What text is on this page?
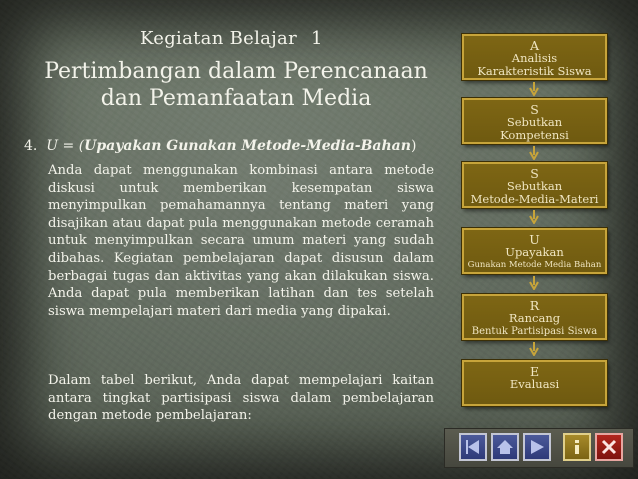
Kegiatan Belajar 1
Pertimbangan dalam Perencanaan
dan Pemanfaatan Media
4. U = (Upayakan Gunakan Metode-Media-Bahan)
Anda dapat menggunakan kombinasi antara metode diskusi untuk memberikan kesempatan siswa menyimpulkan pemahamannya tentang materi yang disajikan atau dapat pula menggunakan metode ceramah untuk menyimpulkan secara umum materi yang sudah dibahas. Kegiatan pembelajaran dapat disusun dalam berbagai tugas dan aktivitas yang akan dilakukan siswa. Anda dapat pula memberikan latihan dan tes setelah siswa mempelajari materi dari media yang dipakai.
Dalam tabel berikut, Anda dapat mempelajari kaitan antara tingkat partisipasi siswa dalam pembelajaran dengan metode pembelajaran:
A
Analisis
Karakteristik Siswa
S
Sebutkan
Kompetensi
S
Sebutkan
Metode-Media-Materi
U
Upayakan
Gunakan Metode Media Bahan
R
Rancang
Bentuk Partisipasi Siswa
E
Evaluasi
